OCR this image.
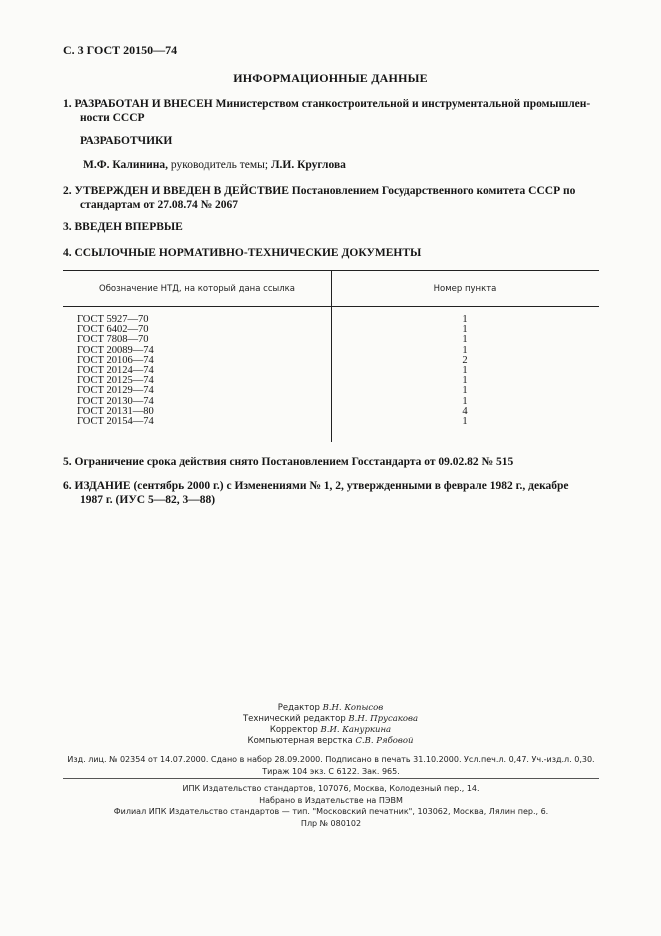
С. 3 ГОСТ 20150—74
ИНФОРМАЦИОННЫЕ ДАННЫЕ
1. РАЗРАБОТАН И ВНЕСЕН Министерством станкостроительной и инструментальной промышлен-
ности СССР
РАЗРАБОТЧИКИ
М.Ф. Калинина, руководитель темы; Л.И. Круглова
2. УТВЕРЖДЕН И ВВЕДЕН В ДЕЙСТВИЕ Постановлением Государственного комитета СССР по
стандартам от 27.08.74 № 2067
3. ВВЕДЕН ВПЕРВЫЕ
4. ССЫЛОЧНЫЕ НОРМАТИВНО-ТЕХНИЧЕСКИЕ ДОКУМЕНТЫ
Обозначение НТД, на который дана ссылка	Номер пункта
ГОСТ 5927—70
ГОСТ 6402—70
ГОСТ 7808—70
ГОСТ 20089—74
ГОСТ 20106—74
ГОСТ 20124—74
ГОСТ 20125—74
ГОСТ 20129—74
ГОСТ 20130—74
ГОСТ 20131—80
ГОСТ 20154—74
1
1
1
1
2
1
1
1
1
4
1
5. Ограничение срока действия снято Постановлением Госстандарта от 09.02.82 № 515
6. ИЗДАНИЕ (сентябрь 2000 г.) с Изменениями № 1, 2, утвержденными в феврале 1982 г., декабре
1987 г. (ИУС 5—82, 3—88)
Редактор В.Н. Копысов
Технический редактор В.Н. Прусакова
Корректор В.И. Кануркина
Компьютерная верстка С.В. Рябовой
Изд. лиц. № 02354 от 14.07.2000. Сдано в набор 28.09.2000. Подписано в печать 31.10.2000. Усл.печ.л. 0,47. Уч.-изд.л. 0,30.
Тираж 104 экз. С 6122. Зак. 965.
ИПК Издательство стандартов, 107076, Москва, Колодезный пер., 14.
Набрано в Издательстве на ПЭВМ
Филиал ИПК Издательство стандартов — тип. "Московский печатник", 103062, Москва, Лялин пер., 6.
Плр № 080102
